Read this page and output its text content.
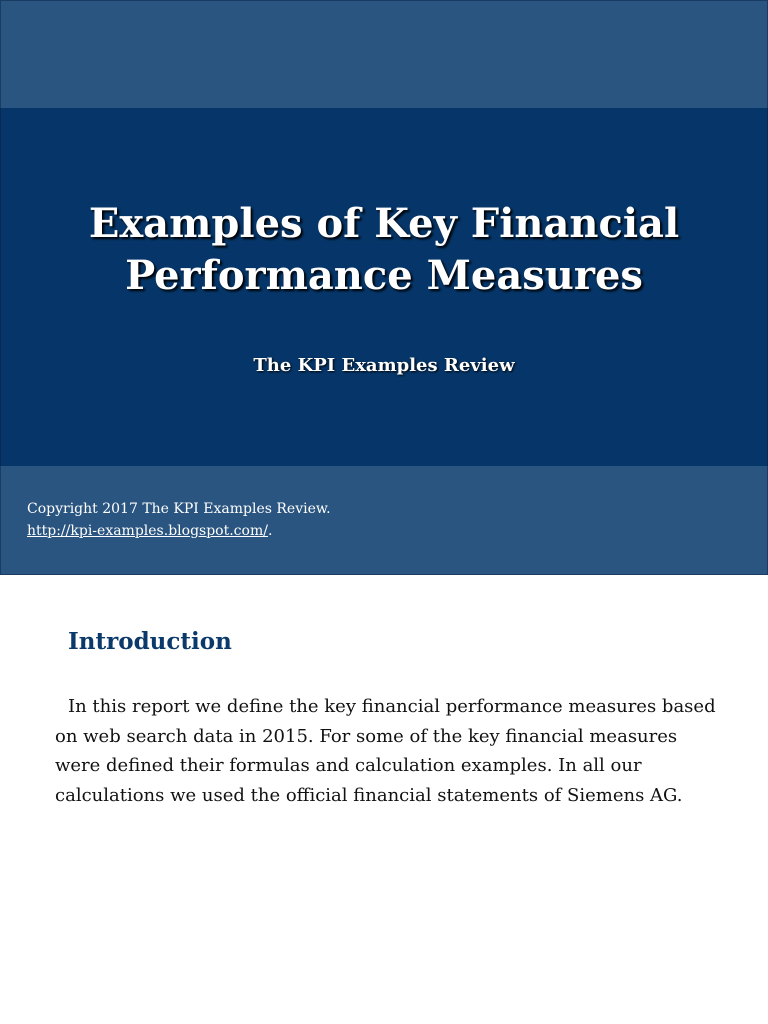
Examples of Key Financial
Performance Measures

The KPI Examples Review

Copyright 2017 The KPI Examples Review.
http://kpi-examples.blogspot.com/.
Introduction

In this report we define the key financial performance measures based on web search data in 2015. For some of the key financial measures were defined their formulas and calculation examples. In all our calculations we used the official financial statements of Siemens AG.
